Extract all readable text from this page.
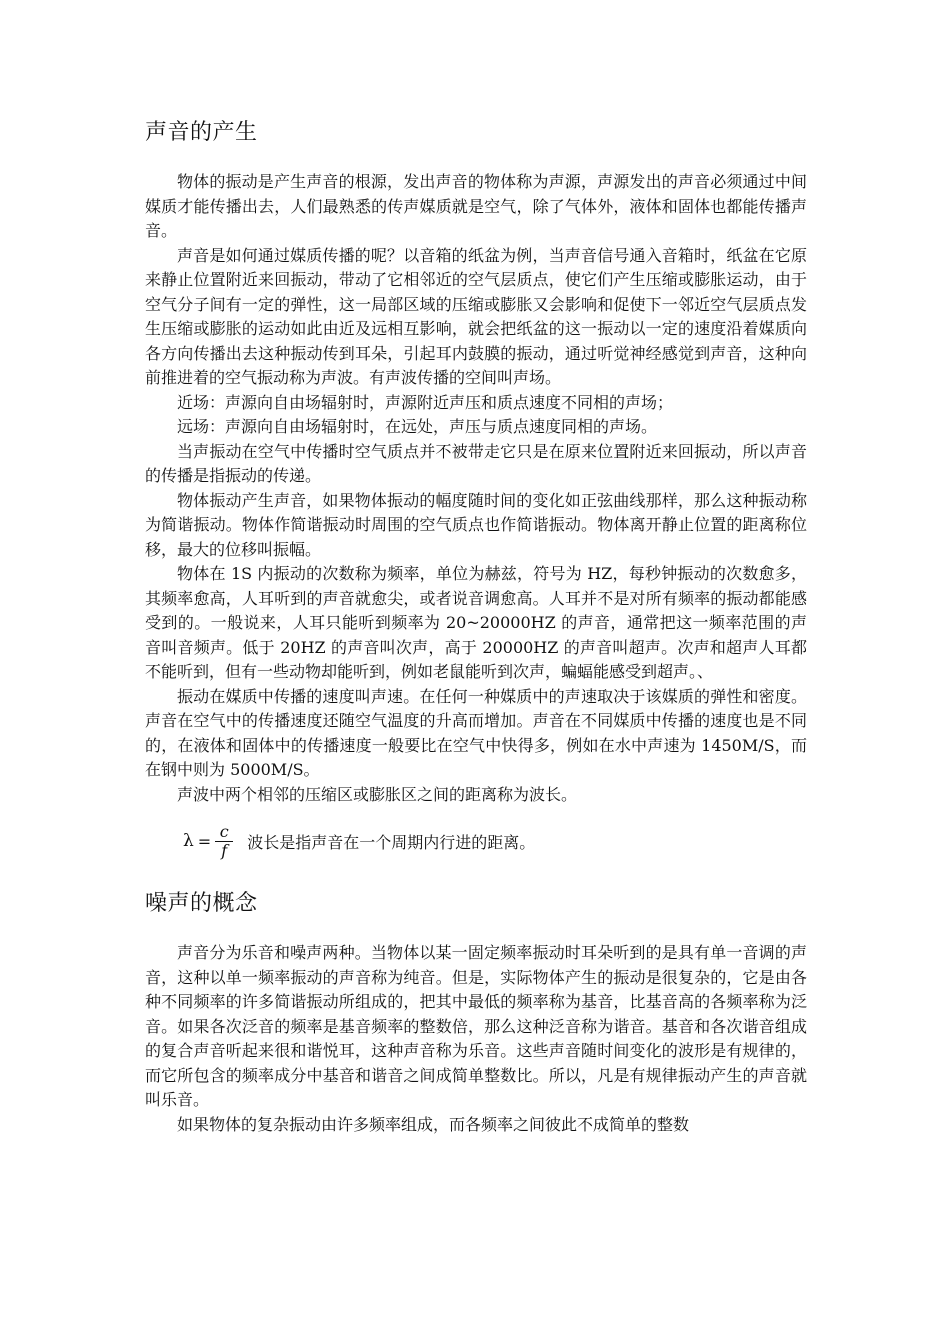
声音的产生

物体的振动是产生声音的根源，发出声音的物体称为声源，声源发出的声音必须通过中间媒质才能传播出去，人们最熟悉的传声媒质就是空气，除了气体外，液体和固体也都能传播声音。

声音是如何通过媒质传播的呢？以音箱的纸盆为例，当声音信号通入音箱时，纸盆在它原来静止位置附近来回振动，带动了它相邻近的空气层质点，使它们产生压缩或膨胀运动，由于空气分子间有一定的弹性，这一局部区域的压缩或膨胀又会影响和促使下一邻近空气层质点发生压缩或膨胀的运动如此由近及远相互影响，就会把纸盆的这一振动以一定的速度沿着媒质向各方向传播出去这种振动传到耳朵，引起耳内鼓膜的振动，通过听觉神经感觉到声音，这种向前推进着的空气振动称为声波。有声波传播的空间叫声场。

近场：声源向自由场辐射时，声源附近声压和质点速度不同相的声场；

远场：声源向自由场辐射时，在远处，声压与质点速度同相的声场。

当声振动在空气中传播时空气质点并不被带走它只是在原来位置附近来回振动，所以声音的传播是指振动的传递。

物体振动产生声音，如果物体振动的幅度随时间的变化如正弦曲线那样，那么这种振动称为简谐振动。物体作简谐振动时周围的空气质点也作简谐振动。物体离开静止位置的距离称位移，最大的位移叫振幅。

物体在 1S 内振动的次数称为频率，单位为赫兹，符号为 HZ，每秒钟振动的次数愈多，其频率愈高，人耳听到的声音就愈尖，或者说音调愈高。人耳并不是对所有频率的振动都能感受到的。一般说来，人耳只能听到频率为 20~20000HZ 的声音，通常把这一频率范围的声音叫音频声。低于 20HZ 的声音叫次声，高于 20000HZ 的声音叫超声。次声和超声人耳都不能听到，但有一些动物却能听到，例如老鼠能听到次声，蝙蝠能感受到超声。、

振动在媒质中传播的速度叫声速。在任何一种媒质中的声速取决于该媒质的弹性和密度。声音在空气中的传播速度还随空气温度的升高而增加。声音在不同媒质中传播的速度也是不同的，在液体和固体中的传播速度一般要比在空气中快得多，例如在水中声速为 1450M/S，而在钢中则为 5000M/S。

声波中两个相邻的压缩区或膨胀区之间的距离称为波长。

$\lambda = \frac{c}{f}$ 波长是指声音在一个周期内行进的距离。
噪声的概念

声音分为乐音和噪声两种。当物体以某一固定频率振动时耳朵听到的是具有单一音调的声音，这种以单一频率振动的声音称为纯音。但是，实际物体产生的振动是很复杂的，它是由各种不同频率的许多简谐振动所组成的，把其中最低的频率称为基音，比基音高的各频率称为泛音。如果各次泛音的频率是基音频率的整数倍，那么这种泛音称为谐音。基音和各次谐音组成的复合声音听起来很和谐悦耳，这种声音称为乐音。这些声音随时间变化的波形是有规律的，而它所包含的频率成分中基音和谐音之间成简单整数比。所以，凡是有规律振动产生的声音就叫乐音。

如果物体的复杂振动由许多频率组成，而各频率之间彼此不成简单的整数
